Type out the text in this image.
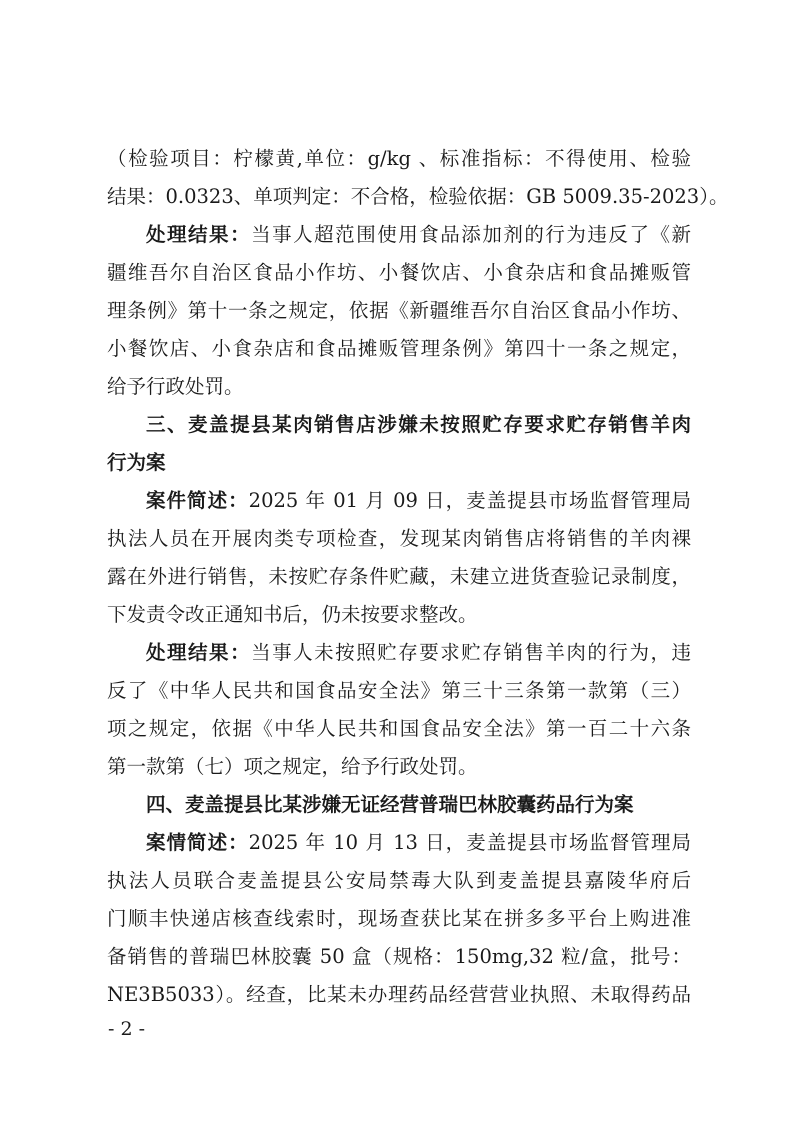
（检验项目：柠檬黄,单位：g/kg 、标准指标：不得使用、检验
结果：0.0323、单项判定：不合格，检验依据：GB 5009.35-2023）。
处理结果：当事人超范围使用食品添加剂的行为违反了《新
疆维吾尔自治区食品小作坊、小餐饮店、小食杂店和食品摊贩管
理条例》第十一条之规定，依据《新疆维吾尔自治区食品小作坊、
小餐饮店、小食杂店和食品摊贩管理条例》第四十一条之规定，
给予行政处罚。
三、麦盖提县某肉销售店涉嫌未按照贮存要求贮存销售羊肉
行为案
案件简述：2025 年 01 月 09 日，麦盖提县市场监督管理局
执法人员在开展肉类专项检查，发现某肉销售店将销售的羊肉裸
露在外进行销售，未按贮存条件贮藏，未建立进货查验记录制度，
下发责令改正通知书后，仍未按要求整改。
处理结果：当事人未按照贮存要求贮存销售羊肉的行为，违
反了《中华人民共和国食品安全法》第三十三条第一款第（三）
项之规定，依据《中华人民共和国食品安全法》第一百二十六条
第一款第（七）项之规定，给予行政处罚。
四、麦盖提县比某涉嫌无证经营普瑞巴林胶囊药品行为案
案情简述：2025 年 10 月 13 日，麦盖提县市场监督管理局
执法人员联合麦盖提县公安局禁毒大队到麦盖提县嘉陵华府后
门顺丰快递店核查线索时，现场查获比某在拼多多平台上购进准
备销售的普瑞巴林胶囊 50 盒（规格：150mg,32 粒/盒，批号：
NE3B5033）。经查，比某未办理药品经营营业执照、未取得药品
- 2 -
